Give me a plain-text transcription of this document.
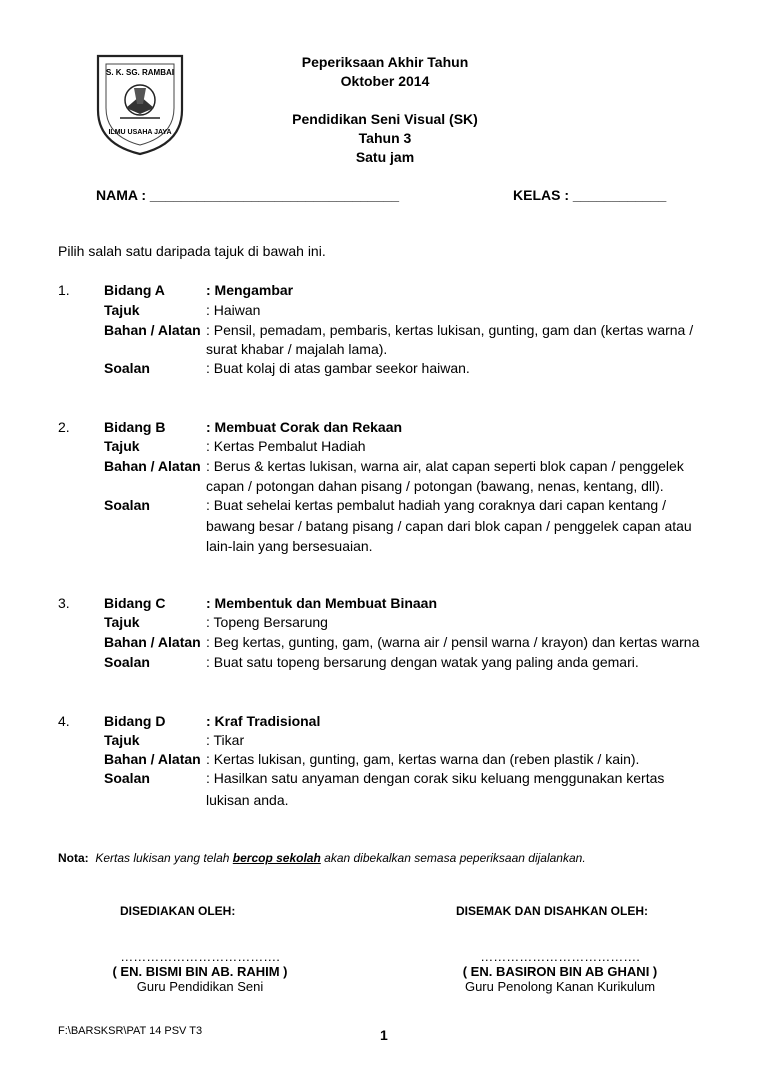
S. K. SG. RAMBAI
ILMU USAHA JAYA
Peperiksaan Akhir Tahun
Oktober 2014
Pendidikan Seni Visual (SK)
Tahun 3
Satu jam
NAMA : ________________________________	KELAS : ____________
Pilih salah satu daripada tajuk di bawah ini.
1. Bidang A	: Mengambar
Tajuk	: Haiwan
Bahan / Alatan : Pensil, pemadam, pembaris, kertas lukisan, gunting, gam dan (kertas warna /
surat khabar / majalah lama).
Soalan	: Buat kolaj di atas gambar seekor haiwan.
2. Bidang B	: Membuat Corak dan Rekaan
Tajuk	: Kertas Pembalut Hadiah
Bahan / Alatan : Berus & kertas lukisan, warna air, alat capan seperti blok capan / penggelek
capan / potongan dahan pisang / potongan (bawang, nenas, kentang, dll).
Soalan	: Buat sehelai kertas pembalut hadiah yang coraknya dari capan kentang /
bawang besar / batang pisang / capan dari blok capan / penggelek capan atau
lain-lain yang bersesuaian.
3. Bidang C	: Membentuk dan Membuat Binaan
Tajuk	: Topeng Bersarung
Bahan / Alatan : Beg kertas, gunting, gam, (warna air / pensil warna / krayon) dan kertas warna
Soalan	: Buat satu topeng bersarung dengan watak yang paling anda gemari.
4. Bidang D	: Kraf Tradisional
Tajuk	: Tikar
Bahan / Alatan : Kertas lukisan, gunting, gam, kertas warna dan (reben plastik / kain).
Soalan	: Hasilkan satu anyaman dengan corak siku keluang menggunakan kertas
lukisan anda.
Nota: Kertas lukisan yang telah bercop sekolah akan dibekalkan semasa peperiksaan dijalankan.
DISEDIAKAN OLEH:	DISEMAK DAN DISAHKAN OLEH:
……………………………….
( EN. BISMI BIN AB. RAHIM )
Guru Pendidikan Seni
……………………………….
( EN. BASIRON BIN AB GHANI )
Guru Penolong Kanan Kurikulum
F:\BARSKSR\PAT 14 PSV T3	1
